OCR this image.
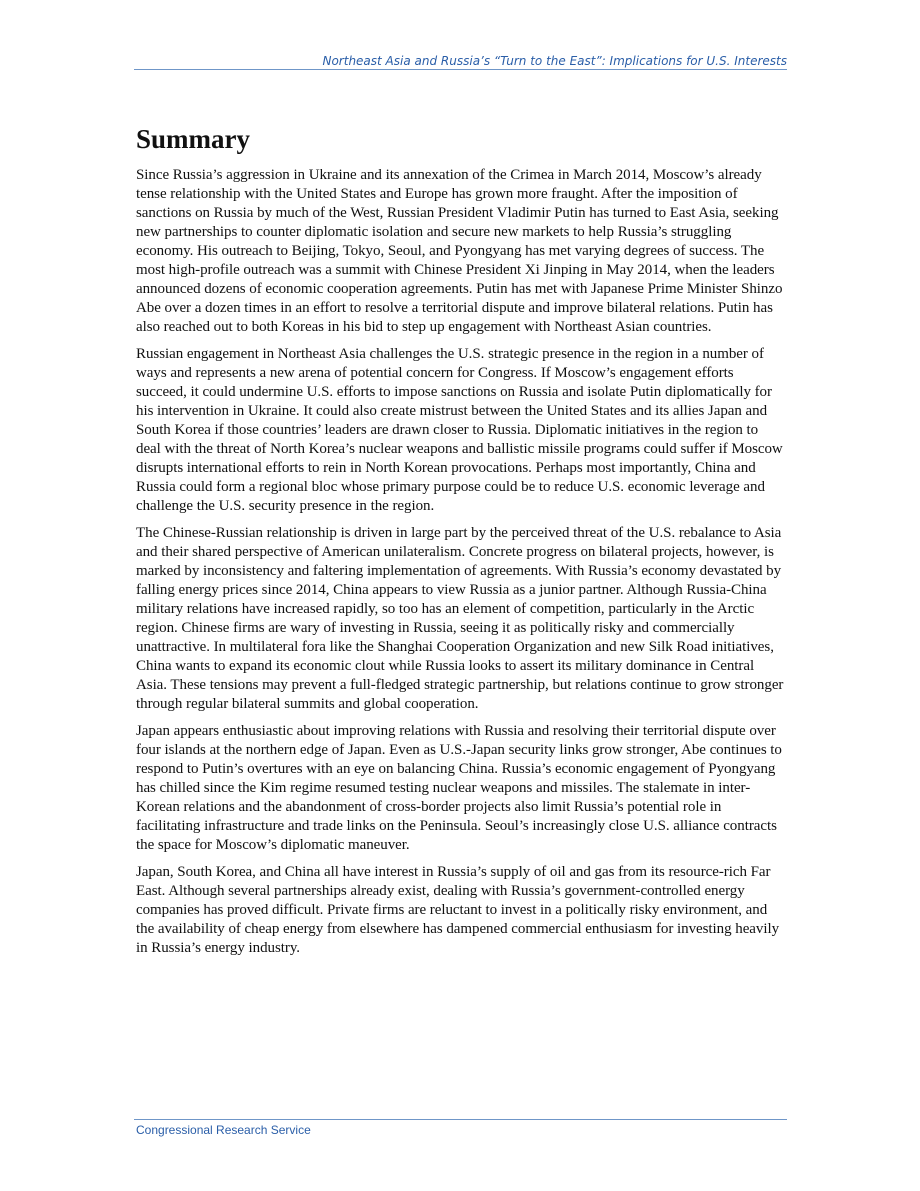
Northeast Asia and Russia’s “Turn to the East”: Implications for U.S. Interests
Summary

Since Russia’s aggression in Ukraine and its annexation of the Crimea in March 2014, Moscow’s already tense relationship with the United States and Europe has grown more fraught. After the imposition of sanctions on Russia by much of the West, Russian President Vladimir Putin has turned to East Asia, seeking new partnerships to counter diplomatic isolation and secure new markets to help Russia’s struggling economy. His outreach to Beijing, Tokyo, Seoul, and Pyongyang has met varying degrees of success. The most high-profile outreach was a summit with Chinese President Xi Jinping in May 2014, when the leaders announced dozens of economic cooperation agreements. Putin has met with Japanese Prime Minister Shinzo Abe over a dozen times in an effort to resolve a territorial dispute and improve bilateral relations. Putin has also reached out to both Koreas in his bid to step up engagement with Northeast Asian countries.

Russian engagement in Northeast Asia challenges the U.S. strategic presence in the region in a number of ways and represents a new arena of potential concern for Congress. If Moscow’s engagement efforts succeed, it could undermine U.S. efforts to impose sanctions on Russia and isolate Putin diplomatically for his intervention in Ukraine. It could also create mistrust between the United States and its allies Japan and South Korea if those countries’ leaders are drawn closer to Russia. Diplomatic initiatives in the region to deal with the threat of North Korea’s nuclear weapons and ballistic missile programs could suffer if Moscow disrupts international efforts to rein in North Korean provocations. Perhaps most importantly, China and Russia could form a regional bloc whose primary purpose could be to reduce U.S. economic leverage and challenge the U.S. security presence in the region.

The Chinese-Russian relationship is driven in large part by the perceived threat of the U.S. rebalance to Asia and their shared perspective of American unilateralism. Concrete progress on bilateral projects, however, is marked by inconsistency and faltering implementation of agreements. With Russia’s economy devastated by falling energy prices since 2014, China appears to view Russia as a junior partner. Although Russia-China military relations have increased rapidly, so too has an element of competition, particularly in the Arctic region. Chinese firms are wary of investing in Russia, seeing it as politically risky and commercially unattractive. In multilateral fora like the Shanghai Cooperation Organization and new Silk Road initiatives, China wants to expand its economic clout while Russia looks to assert its military dominance in Central Asia. These tensions may prevent a full-fledged strategic partnership, but relations continue to grow stronger through regular bilateral summits and global cooperation.

Japan appears enthusiastic about improving relations with Russia and resolving their territorial dispute over four islands at the northern edge of Japan. Even as U.S.-Japan security links grow stronger, Abe continues to respond to Putin’s overtures with an eye on balancing China. Russia’s economic engagement of Pyongyang has chilled since the Kim regime resumed testing nuclear weapons and missiles. The stalemate in inter-Korean relations and the abandonment of cross-border projects also limit Russia’s potential role in facilitating infrastructure and trade links on the Peninsula. Seoul’s increasingly close U.S. alliance contracts the space for Moscow’s diplomatic maneuver.

Japan, South Korea, and China all have interest in Russia’s supply of oil and gas from its resource-rich Far East. Although several partnerships already exist, dealing with Russia’s government-controlled energy companies has proved difficult. Private firms are reluctant to invest in a politically risky environment, and the availability of cheap energy from elsewhere has dampened commercial enthusiasm for investing heavily in Russia’s energy industry.

Congressional Research Service
